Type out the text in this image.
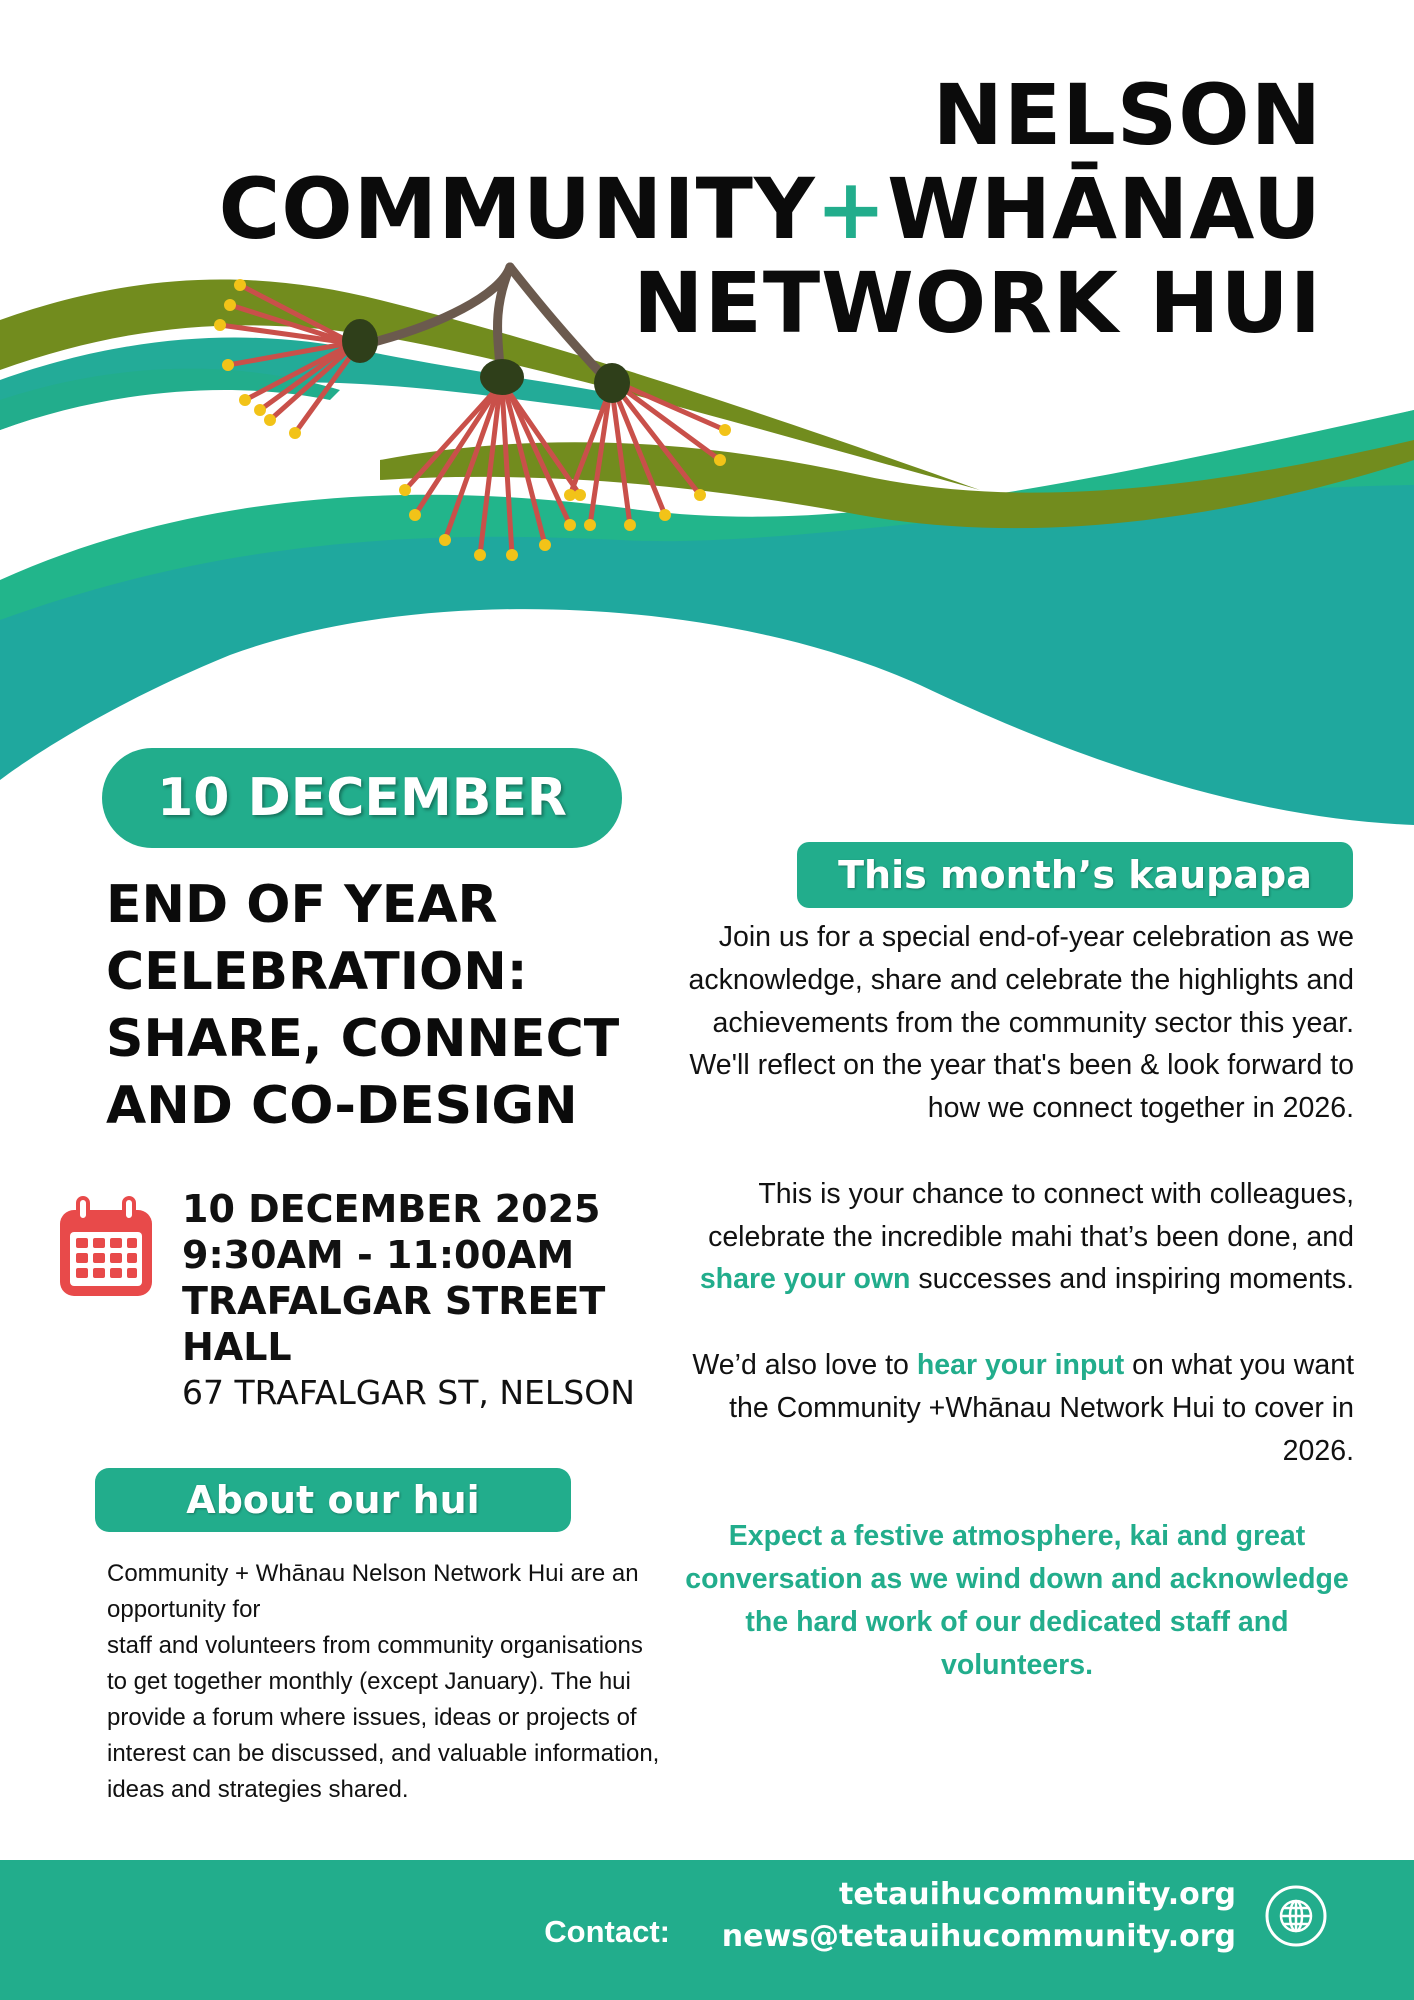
NELSON
COMMUNITY+WHĀNAU
NETWORK HUI
10 DECEMBER
END OF YEAR CELEBRATION: SHARE, CONNECT AND CO-DESIGN
10 DECEMBER 2025
9:30AM - 11:00AM
TRAFALGAR STREET HALL
67 TRAFALGAR ST, NELSON
About our hui
Community + Whānau Nelson Network Hui are an opportunity for
staff and volunteers from community organisations to get together monthly (except January). The hui provide a forum where issues, ideas or projects of interest can be discussed, and valuable information, ideas and strategies shared.
This month’s kaupapa

Join us for a special end-of-year celebration as we acknowledge, share and celebrate the highlights and achievements from the community sector this year. We'll reflect on the year that's been & look forward to how we connect together in 2026.

This is your chance to connect with colleagues, celebrate the incredible mahi that’s been done, and share your own successes and inspiring moments.

We’d also love to hear your input on what you want the Community +Whānau Network Hui to cover in 2026.

Expect a festive atmosphere, kai and great conversation as we wind down and acknowledge the hard work of our dedicated staff and volunteers.

Contact:
tetauihucommunity.org
news@tetauihucommunity.org
